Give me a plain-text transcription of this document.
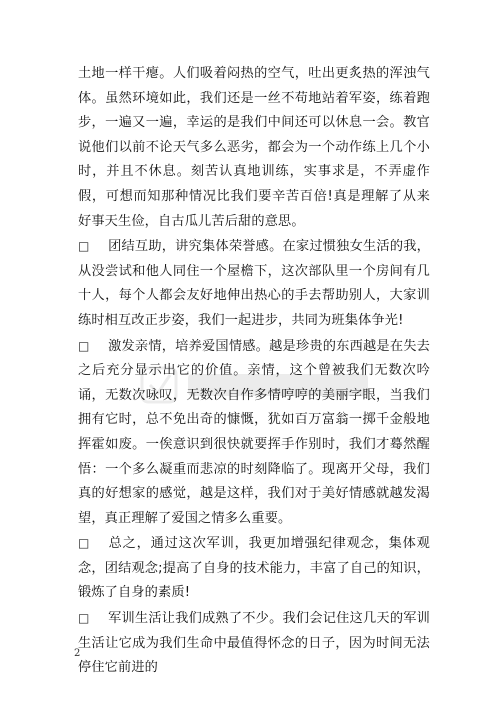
土地一样干瘪。人们吸着闷热的空气，吐出更炙热的浑浊气体。虽然环境如此，我们还是一丝不苟地站着军姿，练着跑步，一遍又一遍，幸运的是我们中间还可以休息一会。教官说他们以前不论天气多么恶劣，都会为一个动作练上几个小时，并且不休息。刻苦认真地训练，实事求是，不弄虚作假，可想而知那种情况比我们要辛苦百倍!真是理解了从来好事天生俭，自古瓜儿苦后甜的意思。

□ 团结互助，讲究集体荣誉感。在家过惯独女生活的我，从没尝试和他人同住一个屋檐下，这次部队里一个房间有几十人，每个人都会友好地伸出热心的手去帮助别人，大家训练时相互改正步姿，我们一起进步，共同为班集体争光!

□ 激发亲情，培养爱国情感。越是珍贵的东西越是在失去之后充分显示出它的价值。亲情，这个曾被我们无数次吟诵，无数次咏叹，无数次自作多情哼哼的美丽字眼，当我们拥有它时，总不免出奇的慷慨，犹如百万富翁一掷千金般地挥霍如废。一俟意识到很快就要挥手作别时，我们才蓦然醒悟：一个多么凝重而悲凉的时刻降临了。现离开父母，我们真的好想家的感觉，越是这样，我们对于美好情感就越发渴望，真正理解了爱国之情多么重要。

□ 总之，通过这次军训，我更加增强纪律观念，集体观念，团结观念;提高了自身的技术能力，丰富了自己的知识，锻炼了自身的素质!

□ 军训生活让我们成熟了不少。我们会记住这几天的军训生活让它成为我们生命中最值得怀念的日子，因为时间无法停住它前进的

2
